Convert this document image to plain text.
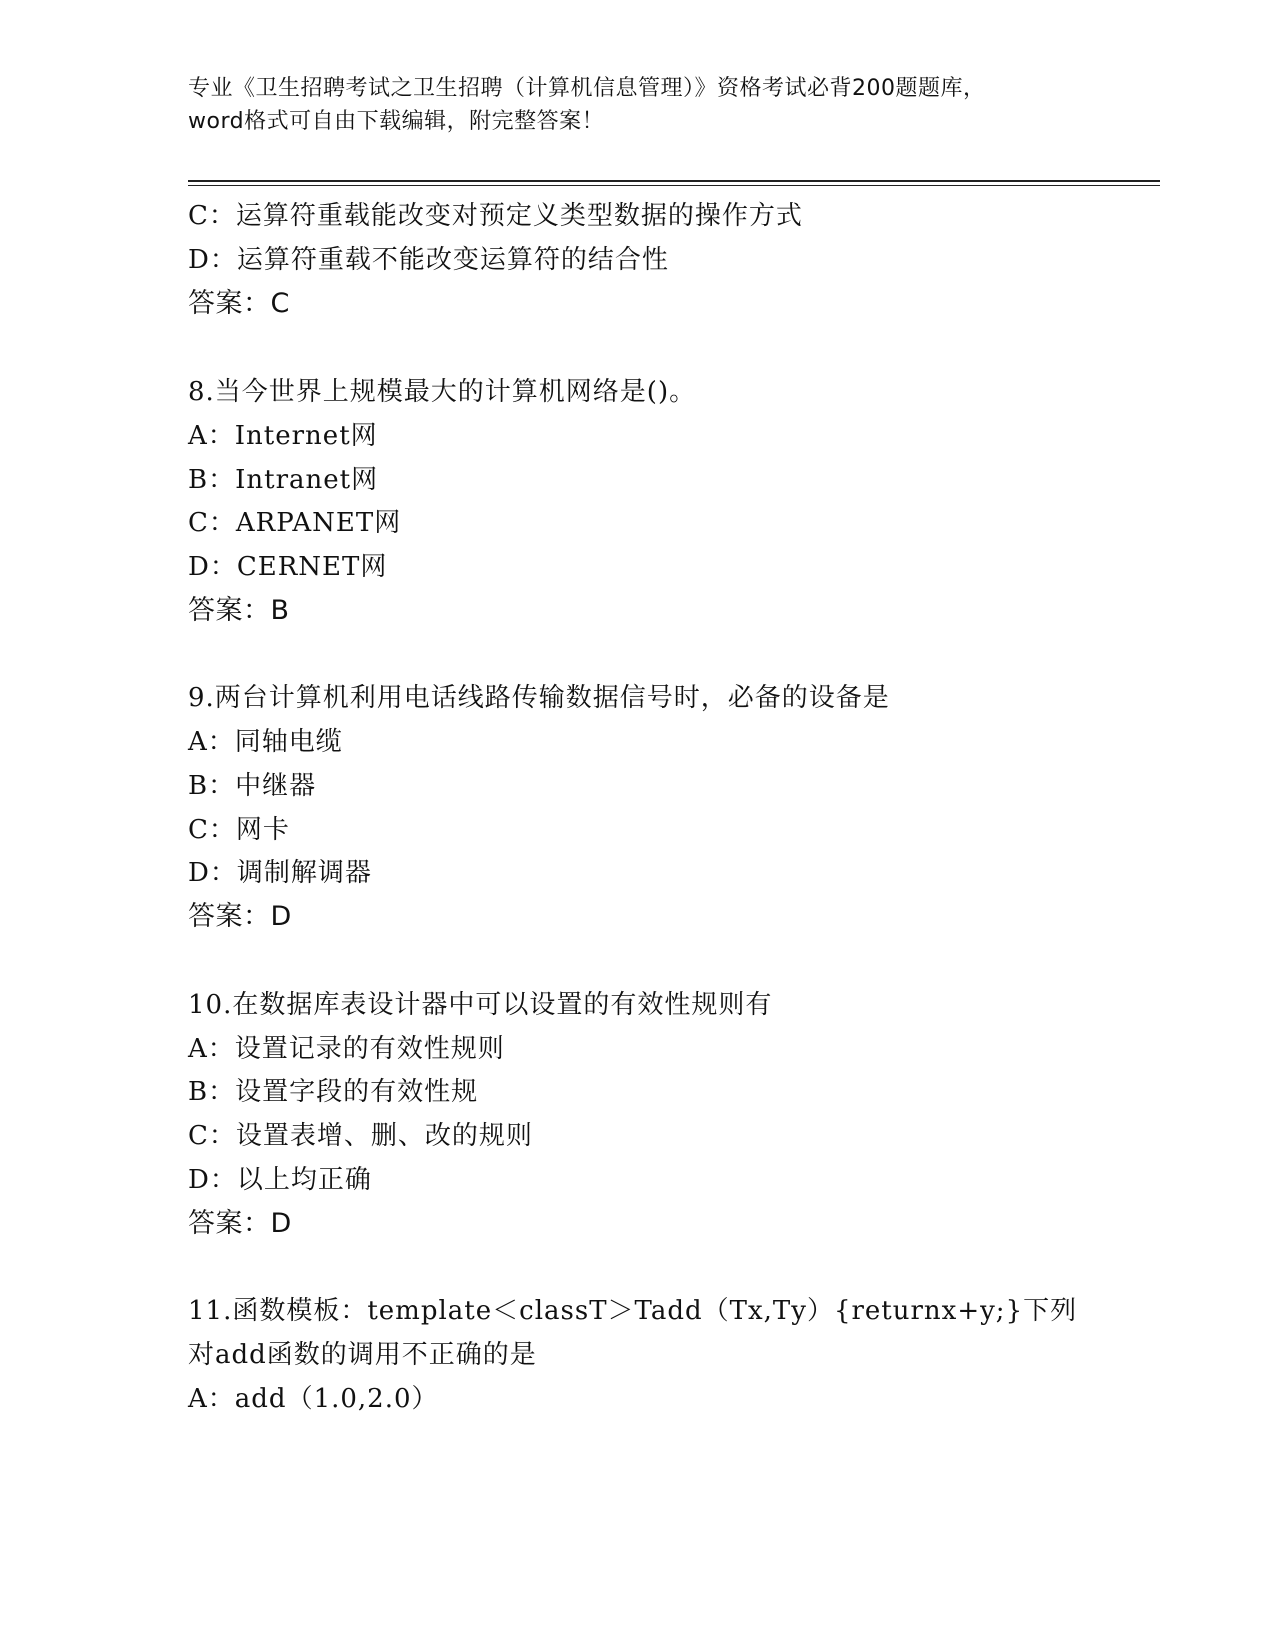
专业《卫生招聘考试之卫生招聘（计算机信息管理）》资格考试必背200题题库，
word格式可自由下载编辑，附完整答案！
C：运算符重载能改变对预定义类型数据的操作方式
D：运算符重载不能改变运算符的结合性
答案：C
8.当今世界上规模最大的计算机网络是()。
A：Internet网
B：Intranet网
C：ARPANET网
D：CERNET网
答案：B
9.两台计算机利用电话线路传输数据信号时，必备的设备是
A：同轴电缆
B：中继器
C：网卡
D：调制解调器
答案：D
10.在数据库表设计器中可以设置的有效性规则有
A：设置记录的有效性规则
B：设置字段的有效性规
C：设置表增、删、改的规则
D：以上均正确
答案：D
11.函数模板：template＜classT＞Tadd（Tx,Ty）{returnx+y;}下列
对add函数的调用不正确的是
A：add（1.0,2.0）
